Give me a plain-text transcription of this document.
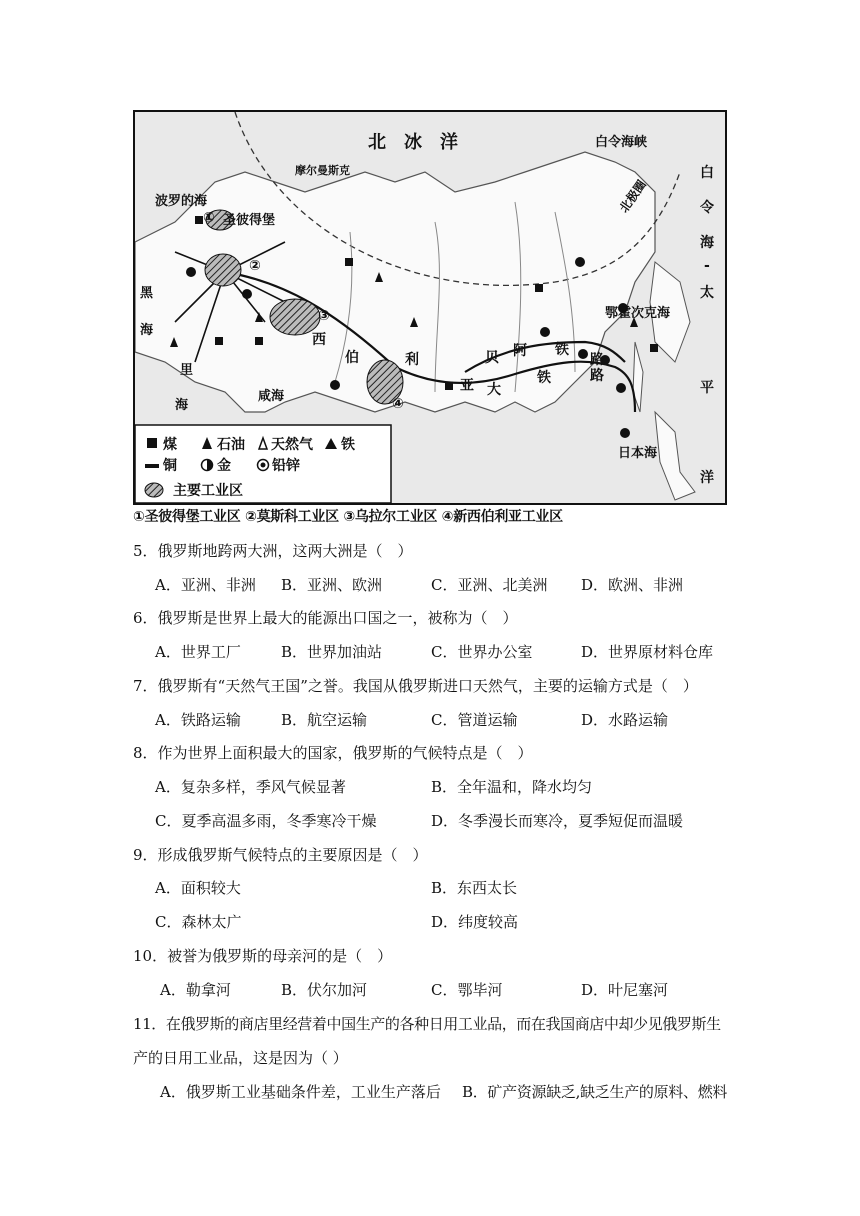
①
②
③
④
北　冰　洋	白令海峡
白
令
海
-
太
平
洋
波罗的海
摩尔曼斯克
圣彼得堡
北极圈
鄂霍次克海
日本海
咸海
黑
海
里
海
西
伯	利	贝 阿 铁
路
亚 大
铁	路
煤	石油 天然气 铁
铜	金	铅锌
主要工业区
①圣彼得堡工业区 ②莫斯科工业区 ③乌拉尔工业区 ④新西伯利亚工业区
5．俄罗斯地跨两大洲，这两大洲是（　）
A．亚洲、非洲 B．亚洲、欧洲	C．亚洲、北美洲 D．欧洲、非洲
6．俄罗斯是世界上最大的能源出口国之一，被称为（　）
A．世界工厂	B．世界加油站	C．世界办公室	D．世界原材料仓库
7．俄罗斯有“天然气王国”之誉。我国从俄罗斯进口天然气，主要的运输方式是（　）
A．铁路运输	B．航空运输	C．管道运输	D．水路运输
8．作为世界上面积最大的国家，俄罗斯的气候特点是（　）
A．复杂多样，季风气候显著	B．全年温和，降水均匀
C．夏季高温多雨，冬季寒冷干燥	D．冬季漫长而寒冷，夏季短促而温暖
9．形成俄罗斯气候特点的主要原因是（　）
A．面积较大	B．东西太长
C．森林太广	D．纬度较高
10．被誉为俄罗斯的母亲河的是（　）
A．勒拿河	B．伏尔加河	C．鄂毕河	D．叶尼塞河
11．在俄罗斯的商店里经营着中国生产的各种日用工业品，而在我国商店中却少见俄罗斯生
产的日用工业品，这是因为（ ）
A．俄罗斯工业基础条件差，工业生产落后 B．矿产资源缺乏,缺乏生产的原料、燃料
